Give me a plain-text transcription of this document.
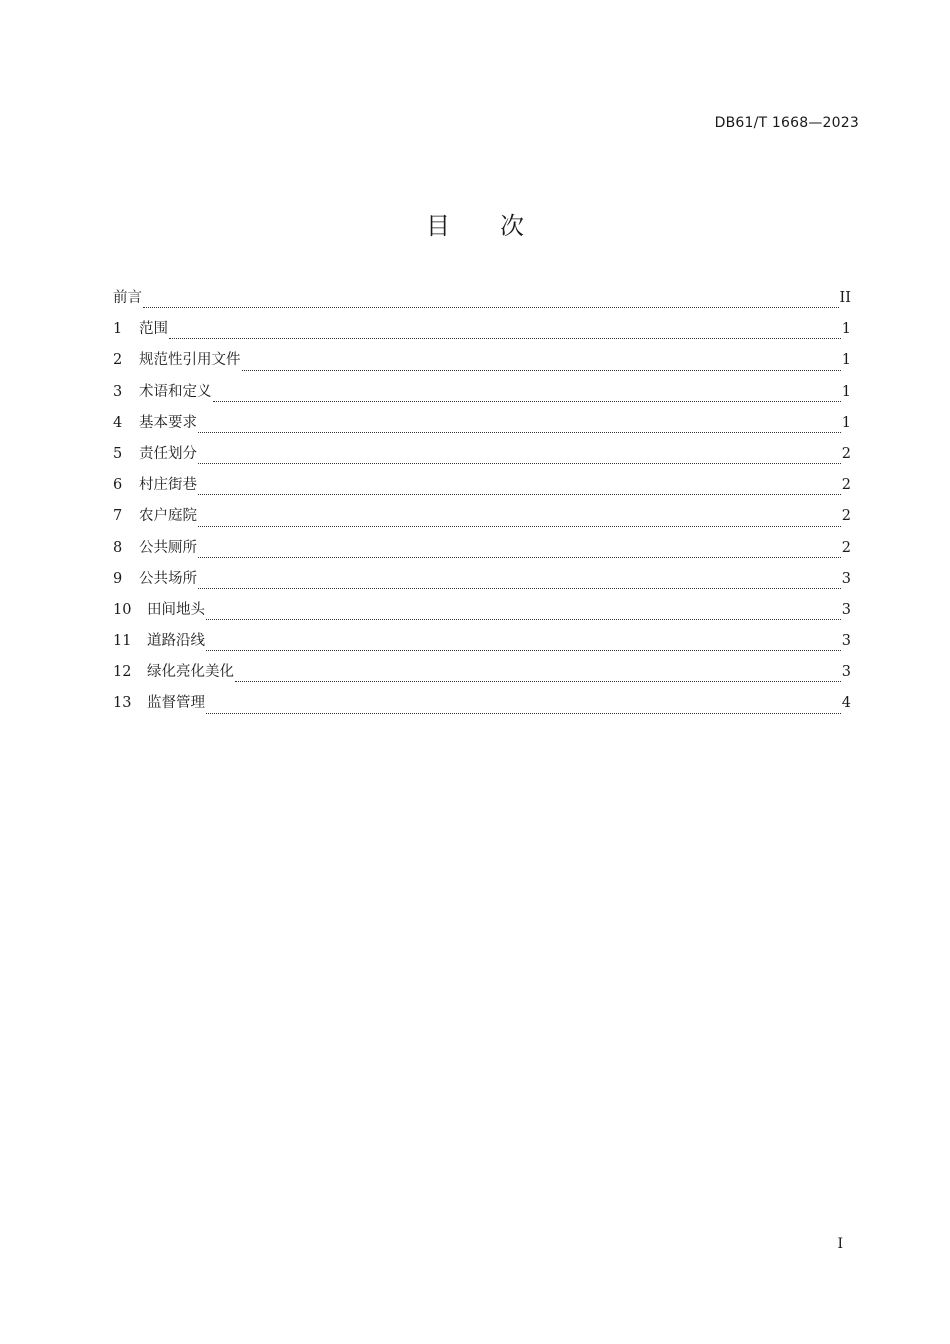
DB61/T 1668—2023
目 次
前言	II
1	范围	1
2	规范性引用文件	1
3	术语和定义	1
4	基本要求	1
5	责任划分	2
6	村庄街巷	2
7	农户庭院	2
8	公共厕所	2
9	公共场所	3
10	田间地头	3
11	道路沿线	3
12	绿化亮化美化	3
13	监督管理	4
I
